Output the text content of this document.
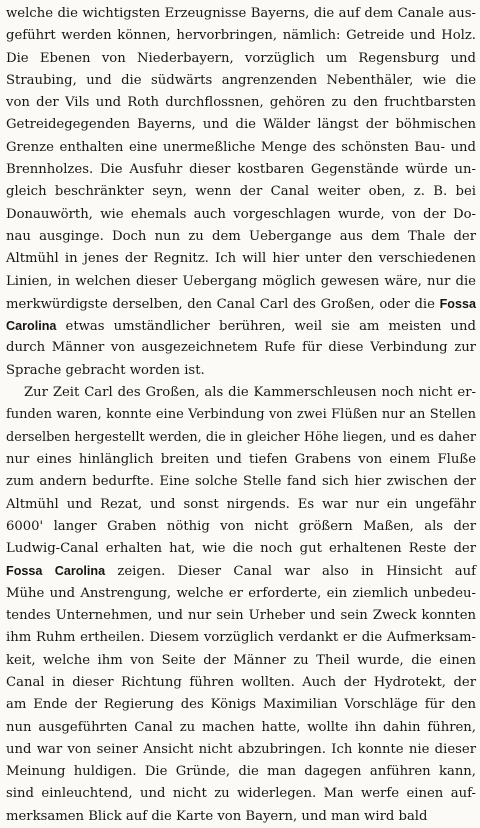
welche die wichtigsten Erzeugnisse Bayerns, die auf dem Canale aus-
geführt werden können, hervorbringen, nämlich: Getreide und Holz.
Die Ebenen von Niederbayern, vorzüglich um Regensburg und
Straubing, und die südwärts angrenzenden Nebenthäler, wie die
von der Vils und Roth durchflossnen, gehören zu den fruchtbarsten
Getreidegegenden Bayerns, und die Wälder längst der böhmischen
Grenze enthalten eine unermeßliche Menge des schönsten Bau- und
Brennholzes. Die Ausfuhr dieser kostbaren Gegenstände würde un-
gleich beschränkter seyn, wenn der Canal weiter oben, z. B. bei
Donauwörth, wie ehemals auch vorgeschlagen wurde, von der Do-
nau ausginge. Doch nun zu dem Uebergange aus dem Thale der
Altmühl in jenes der Regnitz. Ich will hier unter den verschiedenen
Linien, in welchen dieser Uebergang möglich gewesen wäre, nur die
merkwürdigste derselben, den Canal Carl des Großen, oder die Fossa
Carolina etwas umständlicher berühren, weil sie am meisten und
durch Männer von ausgezeichnetem Rufe für diese Verbindung zur
Sprache gebracht worden ist.
Zur Zeit Carl des Großen, als die Kammerschleusen noch nicht er-
funden waren, konnte eine Verbindung von zwei Flüßen nur an Stellen
derselben hergestellt werden, die in gleicher Höhe liegen, und es daher
nur eines hinlänglich breiten und tiefen Grabens von einem Fluße
zum andern bedurfte. Eine solche Stelle fand sich hier zwischen der
Altmühl und Rezat, und sonst nirgends. Es war nur ein ungefähr
6000' langer Graben nöthig von nicht größern Maßen, als der
Ludwig-Canal erhalten hat, wie die noch gut erhaltenen Reste der
Fossa Carolina zeigen. Dieser Canal war also in Hinsicht auf
Mühe und Anstrengung, welche er erforderte, ein ziemlich unbedeu-
tendes Unternehmen, und nur sein Urheber und sein Zweck konnten
ihm Ruhm ertheilen. Diesem vorzüglich verdankt er die Aufmerksam-
keit, welche ihm von Seite der Männer zu Theil wurde, die einen
Canal in dieser Richtung führen wollten. Auch der Hydrotekt, der
am Ende der Regierung des Königs Maximilian Vorschläge für den
nun ausgeführten Canal zu machen hatte, wollte ihn dahin führen,
und war von seiner Ansicht nicht abzubringen. Ich konnte nie dieser
Meinung huldigen. Die Gründe, die man dagegen anführen kann,
sind einleuchtend, und nicht zu widerlegen. Man werfe einen auf-
merksamen Blick auf die Karte von Bayern, und man wird bald
